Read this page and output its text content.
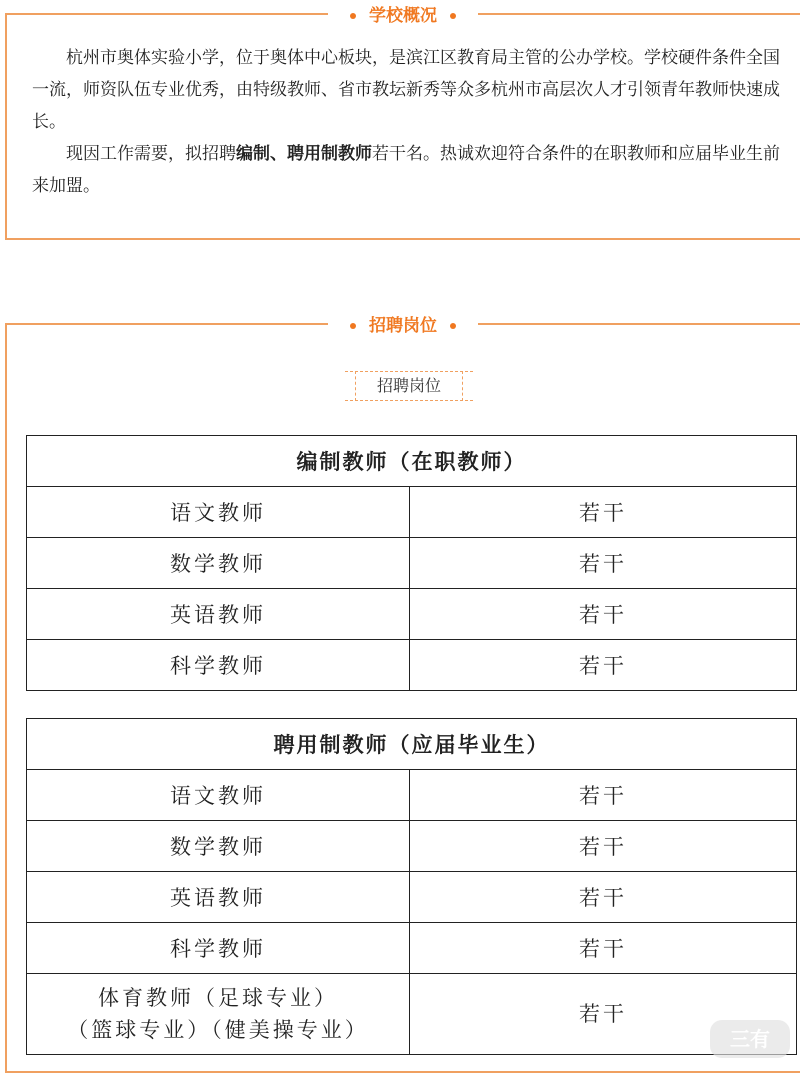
学校概况

杭州市奥体实验小学，位于奥体中心板块，是滨江区教育局主管的公办学校。学校硬件条件全国一流，师资队伍专业优秀，由特级教师、省市教坛新秀等众多杭州市高层次人才引领青年教师快速成长。

现因工作需要，拟招聘编制、聘用制教师若干名。热诚欢迎符合条件的在职教师和应届毕业生前来加盟。

招聘岗位
招聘岗位
编制教师（在职教师）	
语文教师	若干
数学教师	若干
英语教师	若干
科学教师	若干
聘用制教师（应届毕业生）	
语文教师	若干
数学教师	若干
英语教师	若干
科学教师	若干
体育教师（足球专业）
（篮球专业）（健美操专业）	若干
三有
